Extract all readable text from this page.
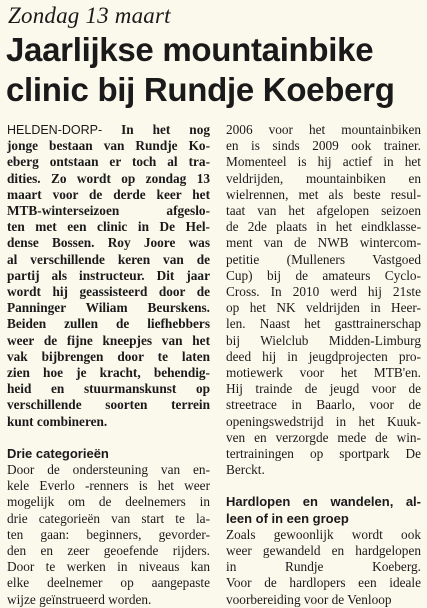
Zondag 13 maart
Jaarlijkse mountainbike
clinic bij Rundje Koeberg
HELDEN-DORP- In het nog
jonge bestaan van Rundje Ko-
eberg ontstaan er toch al tra-
dities. Zo wordt op zondag 13
maart voor de derde keer het
MTB-winterseizoen afgeslo-
ten met een clinic in De Hel-
dense Bossen. Roy Joore was
al verschillende keren van de
partij als instructeur. Dit jaar
wordt hij geassisteerd door de
Panninger Wiliam Beurskens.
Beiden zullen de liefhebbers
weer de fijne kneepjes van het
vak bijbrengen door te laten
zien hoe je kracht, behendig-
heid en stuurmanskunst op
verschillende soorten terrein
kunt combineren.
Drie categorieën
Door de ondersteuning van en-
kele Everlo -renners is het weer
mogelijk om de deelnemers in
drie categorieën van start te la-
ten gaan: beginners, gevorder-
den en zeer geoefende rijders.
Door te werken in niveaus kan
elke deelnemer op aangepaste
wijze geïnstrueerd worden.
2006 voor het mountainbiken
en is sinds 2009 ook trainer.
Momenteel is hij actief in het
veldrijden, mountainbiken en
wielrennen, met als beste resul-
taat van het afgelopen seizoen
de 2de plaats in het eindklasse-
ment van de NWB wintercom-
petitie (Mulleners Vastgoed
Cup) bij de amateurs Cyclo-
Cross. In 2010 werd hij 21ste
op het NK veldrijden in Heer-
len. Naast het gasttrainerschap
bij Wielclub Midden-Limburg
deed hij in jeugdprojecten pro-
motiewerk voor het MTB'en.
Hij trainde de jeugd voor de
streetrace in Baarlo, voor de
openingswedstrijd in het Kuuk-
ven en verzorgde mede de win-
tertrainingen op sportpark De
Berckt.
Hardlopen en wandelen, al-
leen of in een groep
Zoals gewoonlijk wordt ook
weer gewandeld en hardgelopen
in Rundje Koeberg.
Voor de hardlopers een ideale
voorbereiding voor de Venloop
